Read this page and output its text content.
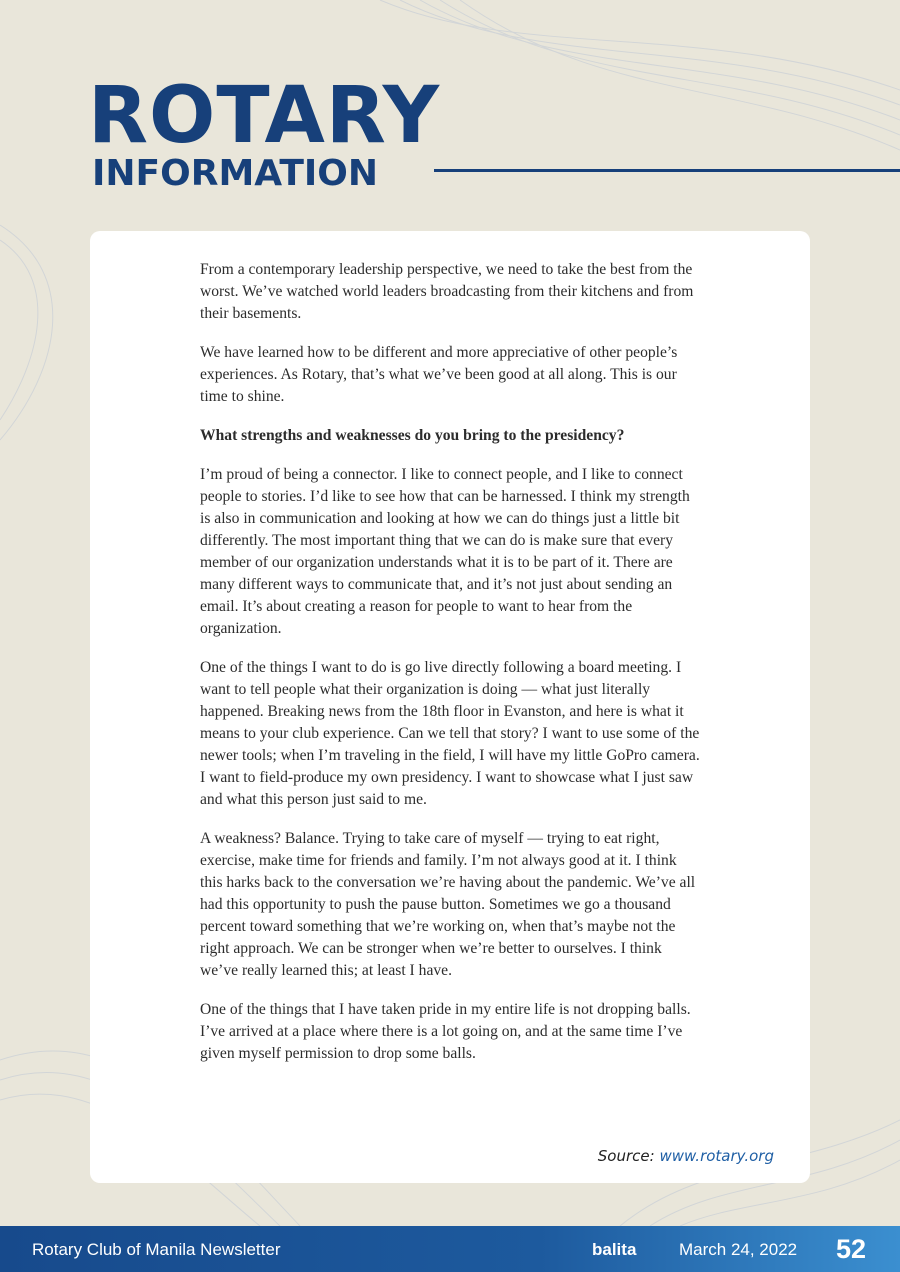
ROTARY
INFORMATION

From a contemporary leadership perspective, we need to take the best from the worst. We’ve watched world leaders broadcasting from their kitchens and from their basements.

We have learned how to be different and more appreciative of other people’s experiences. As Rotary, that’s what we’ve been good at all along. This is our time to shine.

What strengths and weaknesses do you bring to the presidency?

I’m proud of being a connector. I like to connect people, and I like to connect people to stories. I’d like to see how that can be harnessed. I think my strength is also in communication and looking at how we can do things just a little bit differently. The most important thing that we can do is make sure that every member of our organization understands what it is to be part of it. There are many different ways to communicate that, and it’s not just about sending an email. It’s about creating a reason for people to want to hear from the organization.

One of the things I want to do is go live directly following a board meeting. I want to tell people what their organization is doing — what just literally happened. Breaking news from the 18th floor in Evanston, and here is what it means to your club experience. Can we tell that story? I want to use some of the newer tools; when I’m traveling in the field, I will have my little GoPro camera. I want to field-produce my own presidency. I want to showcase what I just saw and what this person just said to me.

A weakness? Balance. Trying to take care of myself — trying to eat right, exercise, make time for friends and family. I’m not always good at it. I think this harks back to the conversation we’re having about the pandemic. We’ve all had this opportunity to push the pause button. Sometimes we go a thousand percent toward something that we’re working on, when that’s maybe not the right approach. We can be stronger when we’re better to ourselves. I think we’ve really learned this; at least I have.

One of the things that I have taken pride in my entire life is not dropping balls. I’ve arrived at a place where there is a lot going on, and at the same time I’ve given myself permission to drop some balls.

Source: www.rotary.org
Rotary Club of Manila Newsletter	balita	March 24, 2022 52
